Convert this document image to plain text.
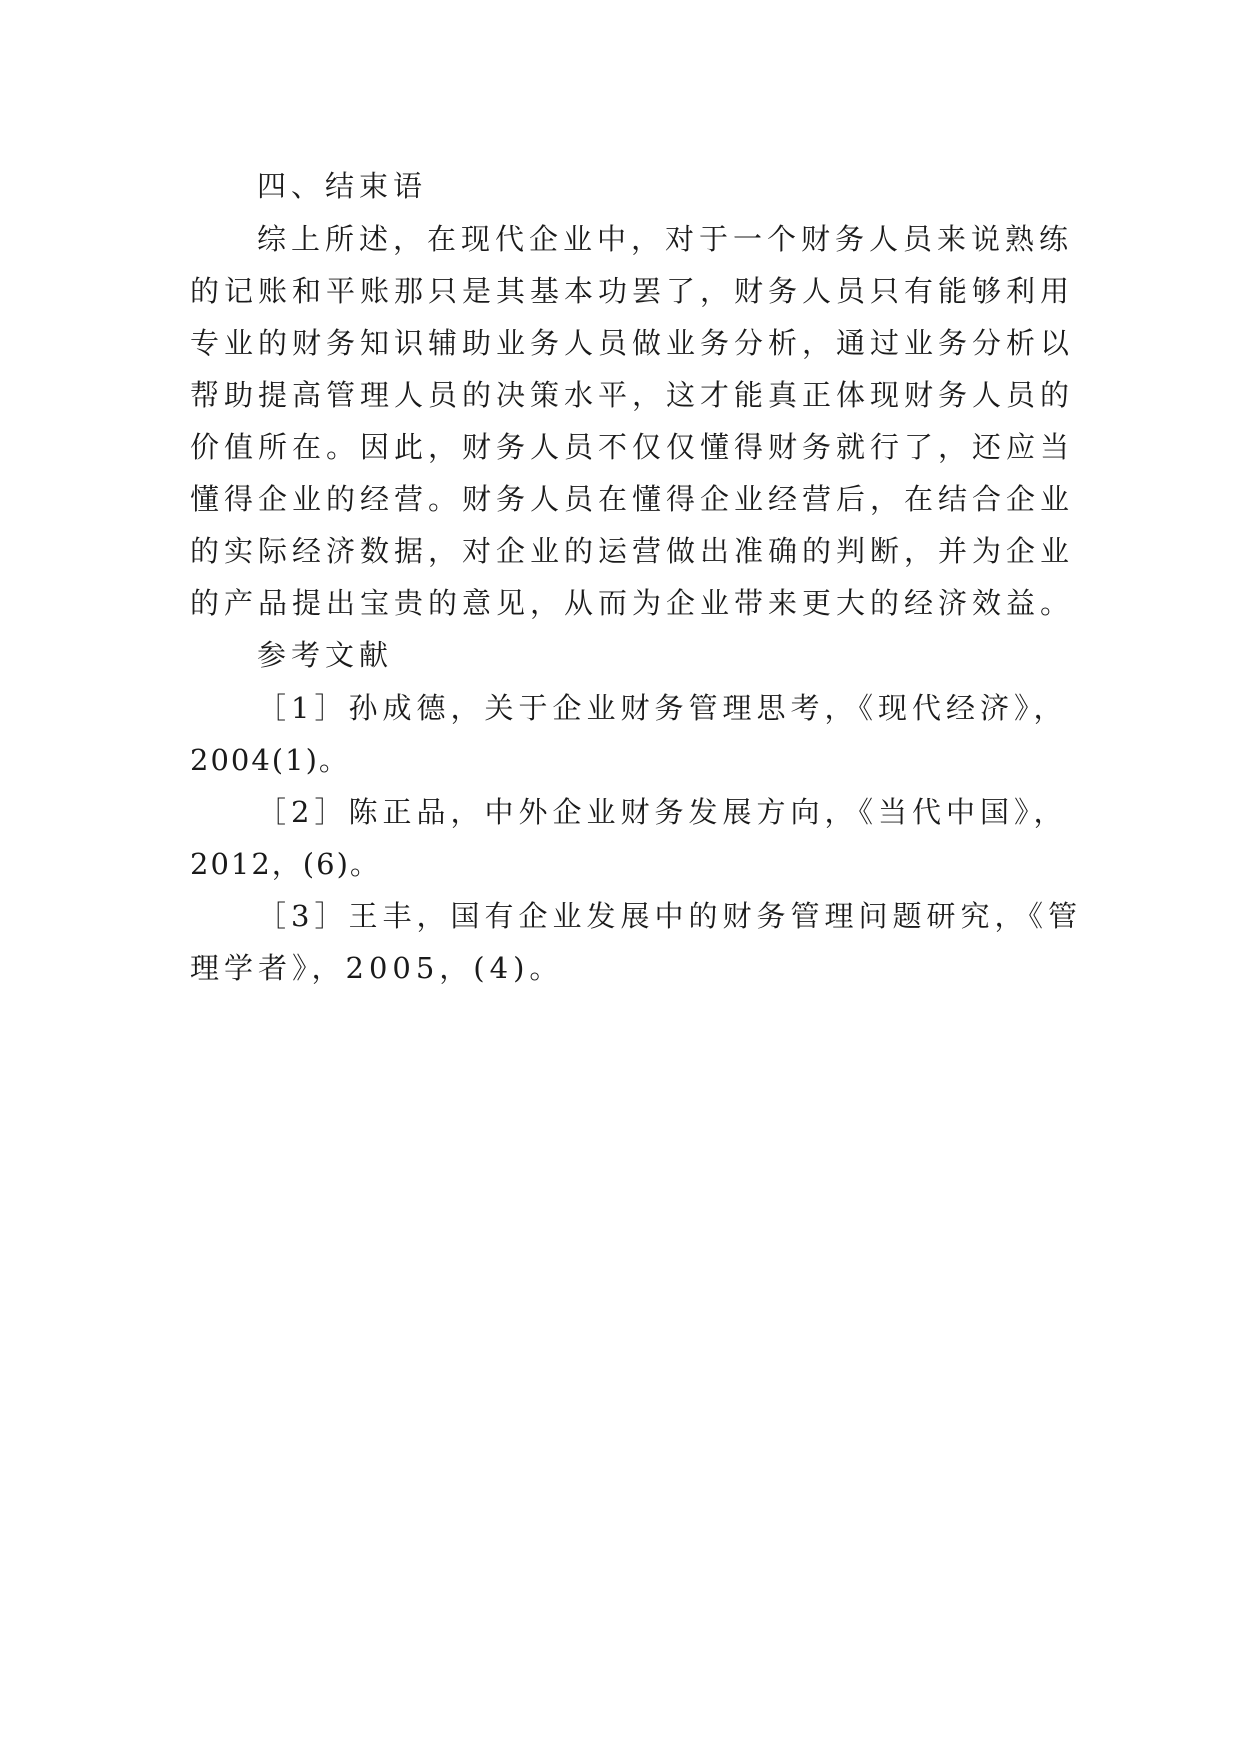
四、结束语
综上所述，在现代企业中，对于一个财务人员来说熟练
的记账和平账那只是其基本功罢了，财务人员只有能够利用
专业的财务知识辅助业务人员做业务分析，通过业务分析以
帮助提高管理人员的决策水平，这才能真正体现财务人员的
价值所在。因此，财务人员不仅仅懂得财务就行了，还应当
懂得企业的经营。财务人员在懂得企业经营后，在结合企业
的实际经济数据，对企业的运营做出准确的判断，并为企业
的产品提出宝贵的意见，从而为企业带来更大的经济效益。
参考文献
［1］孙成德，关于企业财务管理思考，《现代经济》，
2004(1)。
［2］陈正品，中外企业财务发展方向，《当代中国》，
2012，(6)。
［3］王丰，国有企业发展中的财务管理问题研究，《管
理学者》，2005，(4)。
